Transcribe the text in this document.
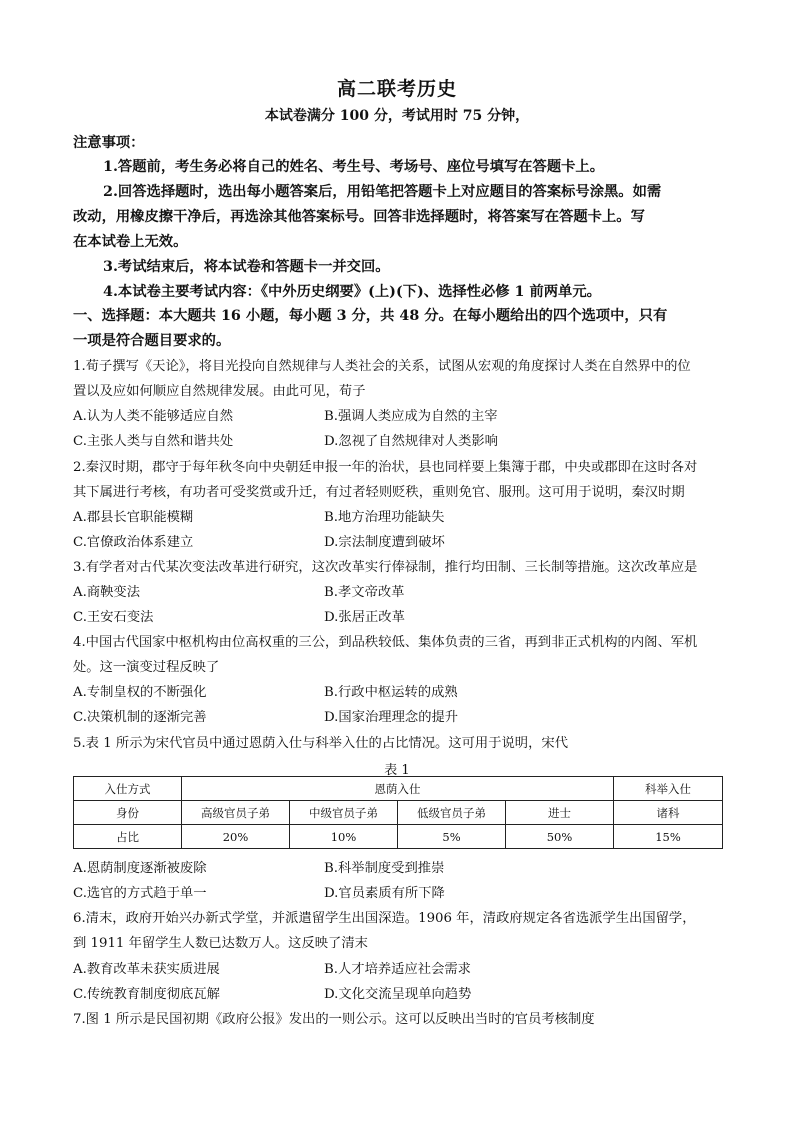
高二联考历史
本试卷满分 100 分，考试用时 75 分钟，
注意事项：
1.答题前，考生务必将自己的姓名、考生号、考场号、座位号填写在答题卡上。
2.回答选择题时，选出每小题答案后，用铅笔把答题卡上对应题目的答案标号涂黑。如需
改动，用橡皮擦干净后，再选涂其他答案标号。回答非选择题时，将答案写在答题卡上。写
在本试卷上无效。
3.考试结束后，将本试卷和答题卡一并交回。
4.本试卷主要考试内容：《中外历史纲要》(上)(下)、选择性必修 1 前两单元。
一、选择题：本大题共 16 小题，每小题 3 分，共 48 分。在每小题给出的四个选项中，只有
一项是符合题目要求的。
1.荀子撰写《天论》，将目光投向自然规律与人类社会的关系，试图从宏观的角度探讨人类在自然界中的位
置以及应如何顺应自然规律发展。由此可见，荀子
A.认为人类不能够适应自然	B.强调人类应成为自然的主宰
C.主张人类与自然和谐共处	D.忽视了自然规律对人类影响
2.秦汉时期，郡守于每年秋冬向中央朝廷申报一年的治状，县也同样要上集簿于郡，中央或郡即在这时各对
其下属进行考核，有功者可受奖赏或升迁，有过者轻则贬秩，重则免官、服刑。这可用于说明，秦汉时期
A.郡县长官职能模糊	B.地方治理功能缺失
C.官僚政治体系建立	D.宗法制度遭到破坏
3.有学者对古代某次变法改革进行研究，这次改革实行俸禄制，推行均田制、三长制等措施。这次改革应是
A.商鞅变法	B.孝文帝改革
C.王安石变法	D.张居正改革
4.中国古代国家中枢机构由位高权重的三公，到品秩较低、集体负责的三省，再到非正式机构的内阁、军机
处。这一演变过程反映了
A.专制皇权的不断强化	B.行政中枢运转的成熟
C.决策机制的逐渐完善	D.国家治理理念的提升
5.表 1 所示为宋代官员中通过恩荫入仕与科举入仕的占比情况。这可用于说明，宋代
表 1
入仕方式	恩荫入仕				科举入仕
身份	高级官员子弟	中级官员子弟	低级官员子弟	进士	诸科
占比	20%	10%	5%	50%	15%
A.恩荫制度逐渐被废除	B.科举制度受到推崇
C.选官的方式趋于单一	D.官员素质有所下降
6.清末，政府开始兴办新式学堂，并派遣留学生出国深造。1906 年，清政府规定各省选派学生出国留学，
到 1911 年留学生人数已达数万人。这反映了清末
A.教育改革未获实质进展	B.人才培养适应社会需求
C.传统教育制度彻底瓦解	D.文化交流呈现单向趋势
7.图 1 所示是民国初期《政府公报》发出的一则公示。这可以反映出当时的官员考核制度
